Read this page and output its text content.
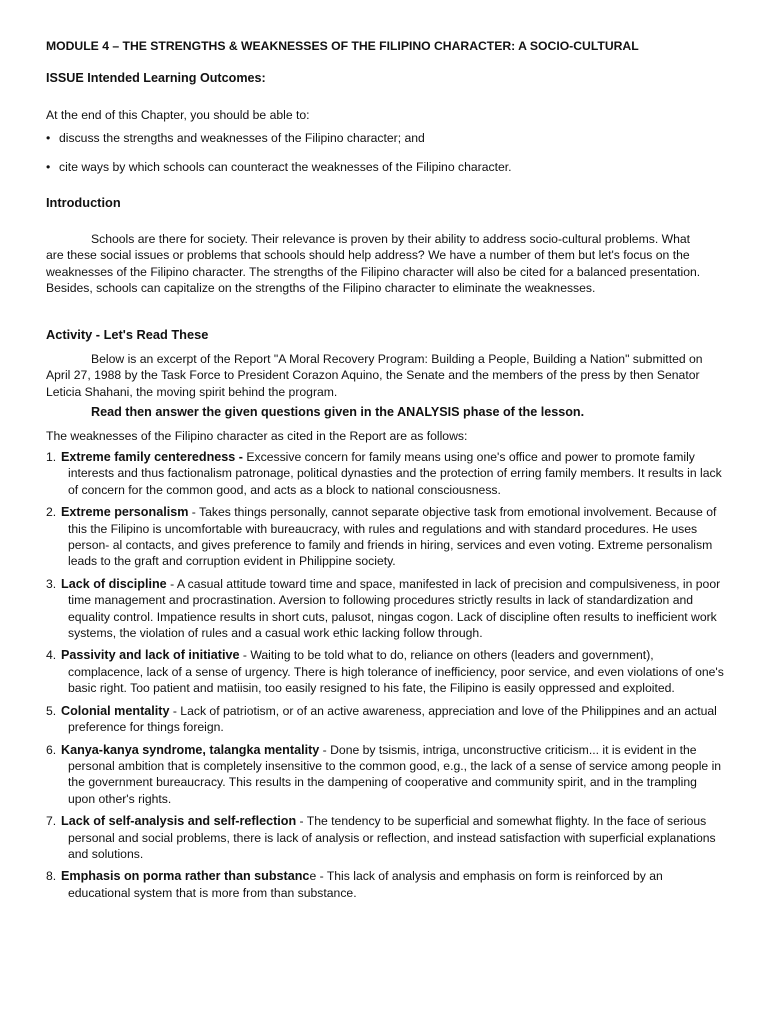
MODULE 4 – THE STRENGTHS & WEAKNESSES OF THE FILIPINO CHARACTER: A SOCIO-CULTURAL

ISSUE Intended Learning Outcomes:

At the end of this Chapter, you should be able to:

• discuss the strengths and weaknesses of the Filipino character; and

• cite ways by which schools can counteract the weaknesses of the Filipino character.

Introduction

Schools are there for society. Their relevance is proven by their ability to address socio-cultural problems. What are these social issues or problems that schools should help address? We have a number of them but let's focus on the weaknesses of the Filipino character. The strengths of the Filipino character will also be cited for a balanced presentation. Besides, schools can capitalize on the strengths of the Filipino character to eliminate the weaknesses.

Activity - Let's Read These

Below is an excerpt of the Report "A Moral Recovery Program: Building a People, Building a Nation" submitted on April 27, 1988 by the Task Force to President Corazon Aquino, the Senate and the members of the press by then Senator Leticia Shahani, the moving spirit behind the program.

Read then answer the given questions given in the ANALYSIS phase of the lesson.

The weaknesses of the Filipino character as cited in the Report are as follows:

1. Extreme family centeredness - Excessive concern for family means using one's office and power to promote family interests and thus factionalism patronage, political dynasties and the protection of erring family members. It results in lack of concern for the common good, and acts as a block to national consciousness.
2. Extreme personalism - Takes things personally, cannot separate objective task from emotional involvement. Because of this the Filipino is uncomfortable with bureaucracy, with rules and regulations and with standard procedures. He uses person- al contacts, and gives preference to family and friends in hiring, services and even voting. Extreme personalism leads to the graft and corruption evident in Philippine society.
3. Lack of discipline - A casual attitude toward time and space, manifested in lack of precision and compulsiveness, in poor time management and procrastination. Aversion to following procedures strictly results in lack of standardization and equality control. Impatience results in short cuts, palusot, ningas cogon. Lack of discipline often results to inefficient work systems, the violation of rules and a casual work ethic lacking follow through.
4. Passivity and lack of initiative - Waiting to be told what to do, reliance on others (leaders and government), complacence, lack of a sense of urgency. There is high tolerance of inefficiency, poor service, and even violations of one's basic right. Too patient and matiisin, too easily resigned to his fate, the Filipino is easily oppressed and exploited.
5. Colonial mentality - Lack of patriotism, or of an active awareness, appreciation and love of the Philippines and an actual preference for things foreign.
6. Kanya-kanya syndrome, talangka mentality - Done by tsismis, intriga, unconstructive criticism... it is evident in the personal ambition that is completely insensitive to the common good, e.g., the lack of a sense of service among people in the government bureaucracy. This results in the dampening of cooperative and community spirit, and in the trampling upon other's rights.
7. Lack of self-analysis and self-reflection - The tendency to be superficial and somewhat flighty. In the face of serious personal and social problems, there is lack of analysis or reflection, and instead satisfaction with superficial explanations and solutions.
8. Emphasis on porma rather than substance - This lack of analysis and emphasis on form is reinforced by an educational system that is more from than substance.
